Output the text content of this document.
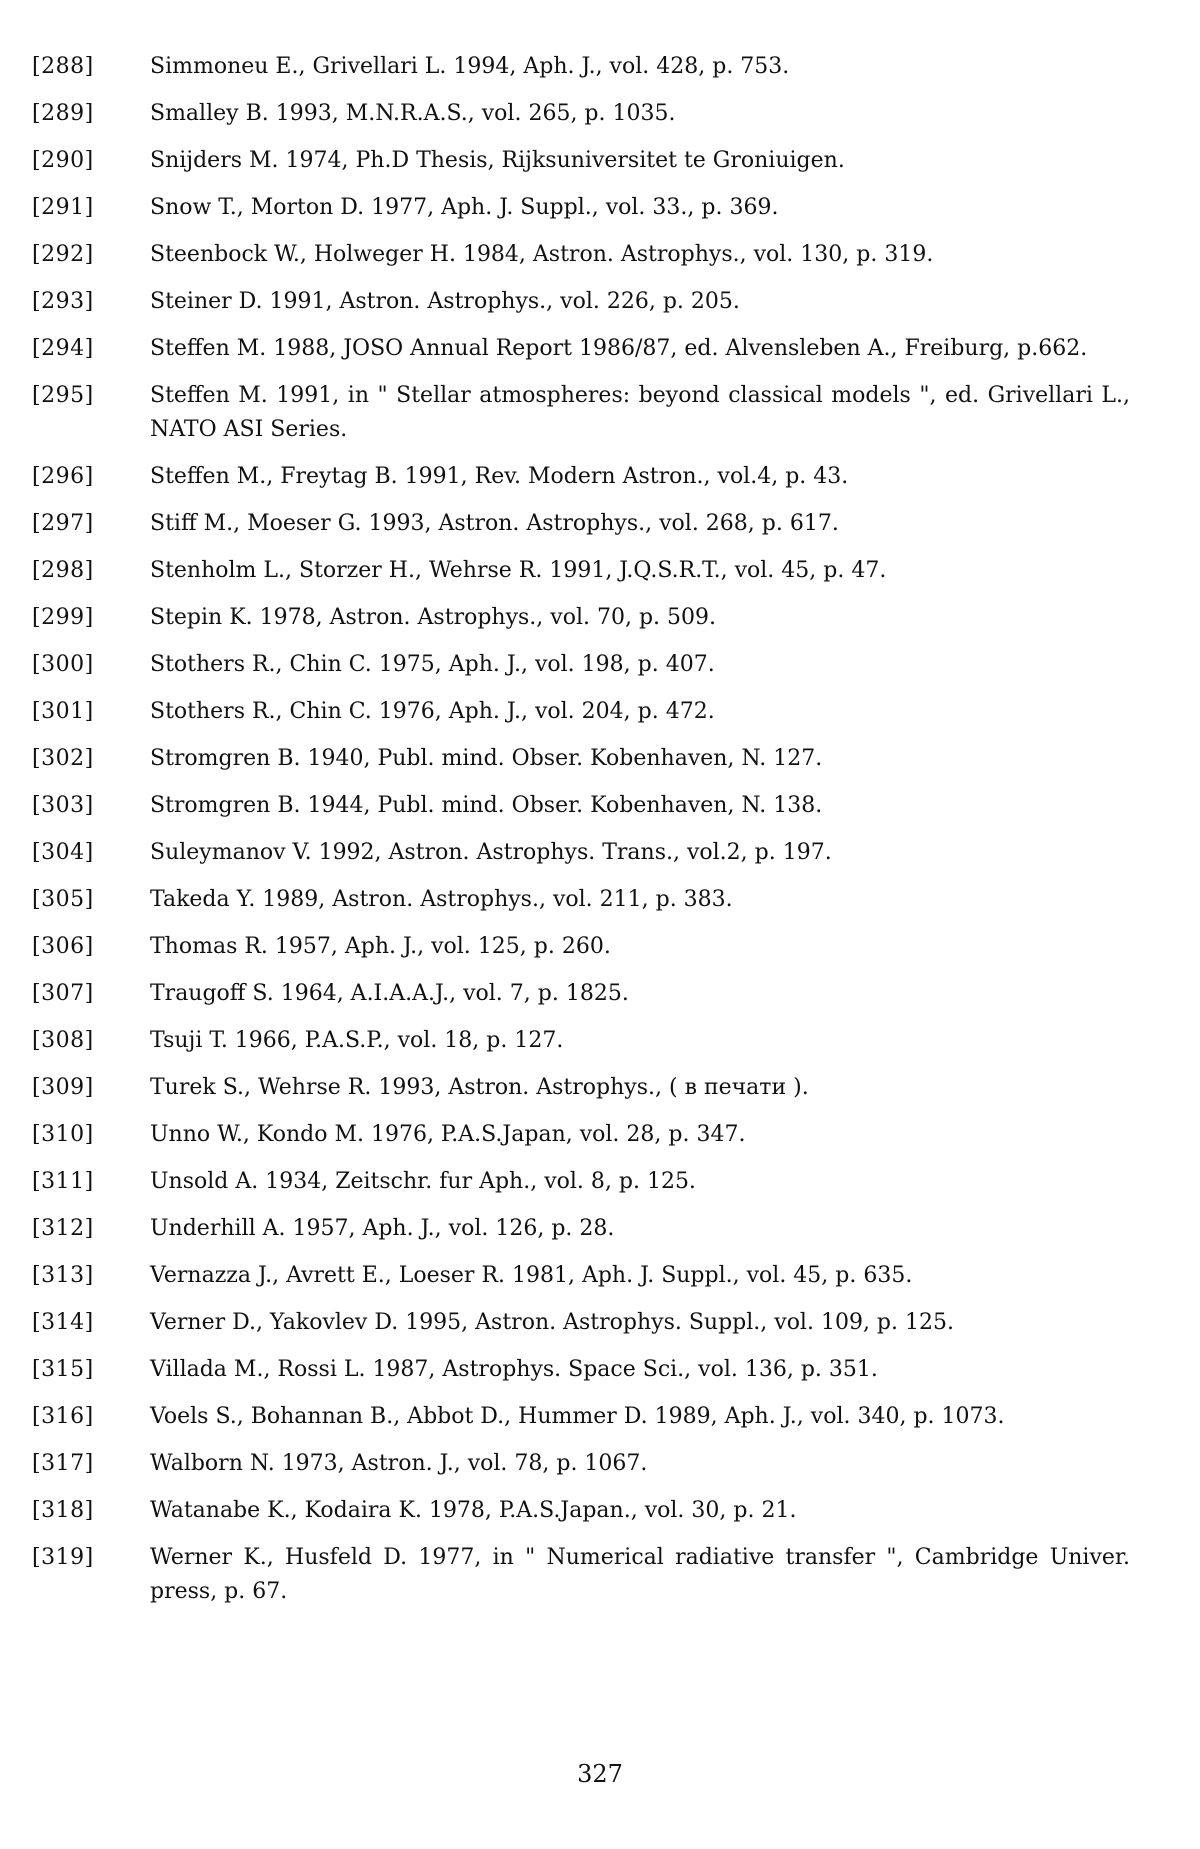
[288]	Simmoneu E., Grivellari L. 1994, Aph. J., vol. 428, p. 753.
[289]	Smalley B. 1993, M.N.R.A.S., vol. 265, p. 1035.
[290]	Snijders M. 1974, Ph.D Thesis, Rijksuniversitet te Groniuigen.
[291]	Snow T., Morton D. 1977, Aph. J. Suppl., vol. 33., p. 369.
[292]	Steenbock W., Holweger H. 1984, Astron. Astrophys., vol. 130, p. 319.
[293]	Steiner D. 1991, Astron. Astrophys., vol. 226, p. 205.
[294]	Steffen M. 1988, JOSO Annual Report 1986/87, ed. Alvensleben A., Freiburg, p.662.
[295]	Steffen M. 1991, in " Stellar atmospheres: beyond classical models ", ed. Grivellari L., NATO ASI Series.
[296]	Steffen M., Freytag B. 1991, Rev. Modern Astron., vol.4, p. 43.
[297]	Stiff M., Moeser G. 1993, Astron. Astrophys., vol. 268, p. 617.
[298]	Stenholm L., Storzer H., Wehrse R. 1991, J.Q.S.R.T., vol. 45, p. 47.
[299]	Stepin K. 1978, Astron. Astrophys., vol. 70, p. 509.
[300]	Stothers R., Chin C. 1975, Aph. J., vol. 198, p. 407.
[301]	Stothers R., Chin C. 1976, Aph. J., vol. 204, p. 472.
[302]	Stromgren B. 1940, Publ. mind. Obser. Kobenhaven, N. 127.
[303]	Stromgren B. 1944, Publ. mind. Obser. Kobenhaven, N. 138.
[304]	Suleymanov V. 1992, Astron. Astrophys. Trans., vol.2, p. 197.
[305]	Takeda Y. 1989, Astron. Astrophys., vol. 211, p. 383.
[306]	Thomas R. 1957, Aph. J., vol. 125, p. 260.
[307]	Traugoff S. 1964, A.I.A.A.J., vol. 7, p. 1825.
[308]	Tsuji T. 1966, P.A.S.P., vol. 18, p. 127.
[309]	Turek S., Wehrse R. 1993, Astron. Astrophys., ( в печати ).
[310]	Unno W., Kondo M. 1976, P.A.S.Japan, vol. 28, p. 347.
[311]	Unsold A. 1934, Zeitschr. fur Aph., vol. 8, p. 125.
[312]	Underhill A. 1957, Aph. J., vol. 126, p. 28.
[313]	Vernazza J., Avrett E., Loeser R. 1981, Aph. J. Suppl., vol. 45, p. 635.
[314]	Verner D., Yakovlev D. 1995, Astron. Astrophys. Suppl., vol. 109, p. 125.
[315]	Villada M., Rossi L. 1987, Astrophys. Space Sci., vol. 136, p. 351.
[316]	Voels S., Bohannan B., Abbot D., Hummer D. 1989, Aph. J., vol. 340, p. 1073.
[317]	Walborn N. 1973, Astron. J., vol. 78, p. 1067.
[318]	Watanabe K., Kodaira K. 1978, P.A.S.Japan., vol. 30, p. 21.
[319]	Werner K., Husfeld D. 1977, in " Numerical radiative transfer ", Cambridge Univer. press, p. 67.
327
